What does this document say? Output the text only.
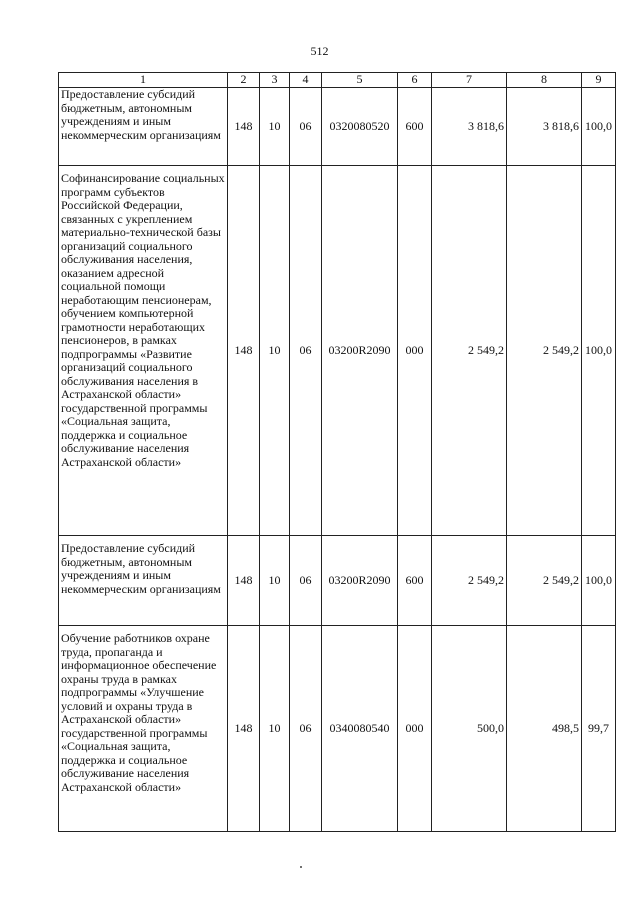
512
1	2	3	4	5	6	7	8	9
Предоставление субсидий бюджетным, автономным учреждениям и иным некоммерческим организациям	148	10	06	0320080520	600	3 818,6	3 818,6	100,0
Софинансирование социальных программ субъектов Российской Федерации, связанных с укреплением материально-технической базы организаций социального обслуживания населения, оказанием адресной социальной помощи неработающим пенсионерам, обучением компьютерной грамотности неработающих пенсионеров, в рамках подпрограммы «Развитие организаций социального обслуживания населения в Астраханской области» государственной программы «Социальная защита, поддержка и социальное обслуживание населения Астраханской области»	148	10	06	03200R2090	000	2 549,2	2 549,2	100,0
Предоставление субсидий бюджетным, автономным учреждениям и иным некоммерческим организациям	148	10	06	03200R2090	600	2 549,2	2 549,2	100,0
Обучение работников охране труда, пропаганда и информационное обеспечение охраны труда в рамках подпрограммы «Улучшение условий и охраны труда в Астраханской области» государственной программы «Социальная защита, поддержка и социальное обслуживание населения Астраханской области»	148	10	06	0340080540	000	500,0	498,5	99,7
